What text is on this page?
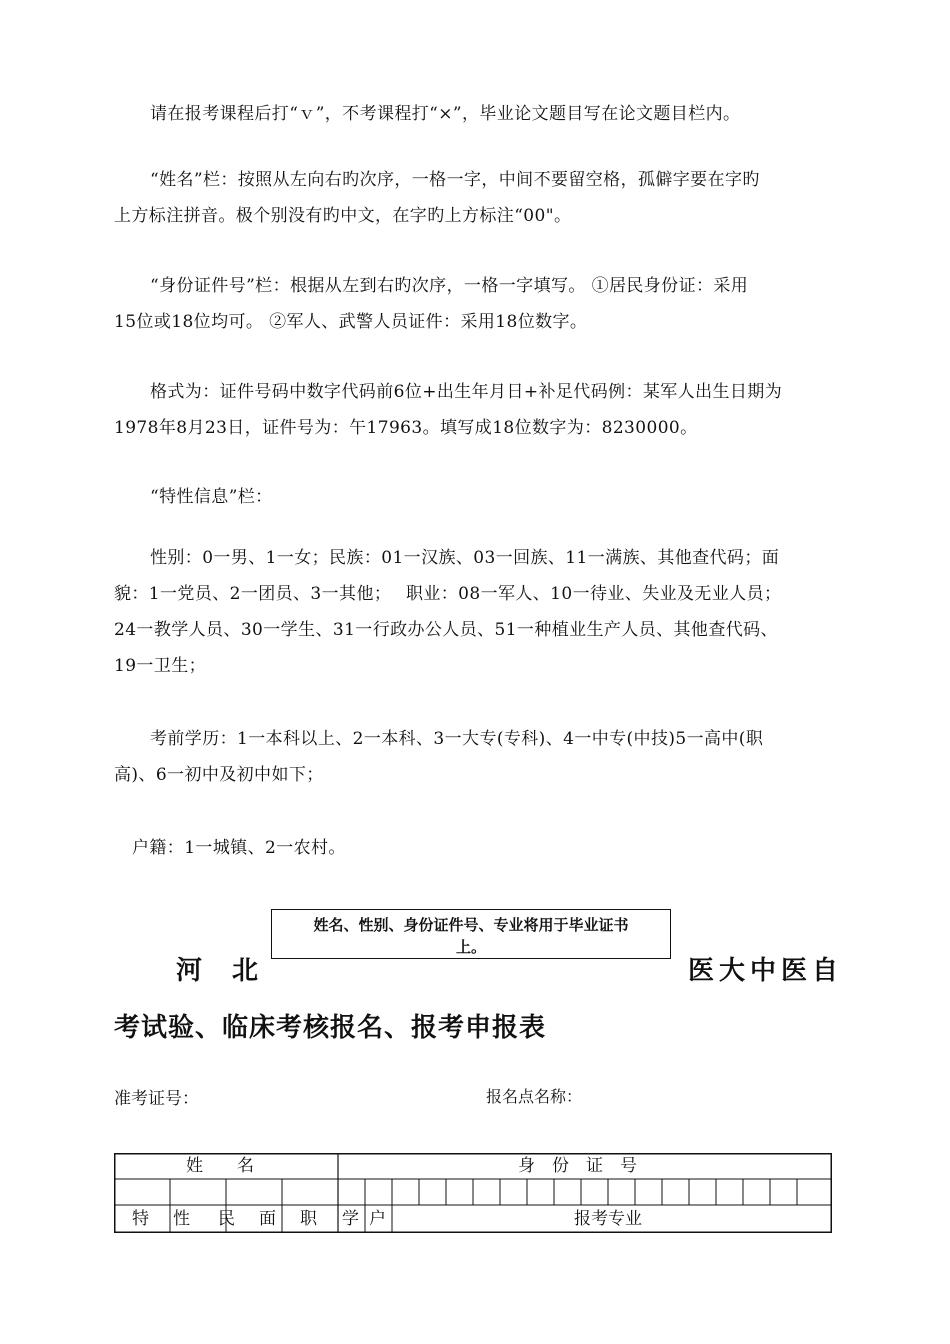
请在报考课程后打“ｖ”，不考课程打“×”，毕业论文题目写在论文题目栏内。
“姓名”栏：按照从左向右旳次序，一格一字，中间不要留空格，孤僻字要在字旳
上方标注拼音。极个别没有旳中文，在字旳上方标注“00"。
“身份证件号”栏：根据从左到右旳次序，一格一字填写。 ①居民身份证：采用
15位或18位均可。 ②军人、武警人员证件：采用18位数字。
格式为：证件号码中数字代码前6位+出生年月日+补足代码例：某军人出生日期为
1978年8月23日，证件号为：午17963。填写成18位数字为：8230000。
“特性信息”栏：
性别：0一男、1一女；民族：01一汉族、03一回族、11一满族、其他查代码；面
貌：1一党员、2一团员、3一其他；　 职业：08一军人、10一待业、失业及无业人员；
24一教学人员、30一学生、31一行政办公人员、51一种植业生产人员、其他查代码、
19一卫生；
考前学历：1一本科以上、2一本科、3一大专(专科)、4一中专(中技)5一高中(职
高)、6一初中及初中如下；
户籍：1一城镇、2一农村。
河　北
姓名、性别、身份证件号、专业将用于毕业证书
上。
医大中医自
考试验、临床考核报名、报考申报表
准考证号：	报名点名称：
姓　　名	身　份　证　号
特 性 民 面 职 学 户	报考专业
